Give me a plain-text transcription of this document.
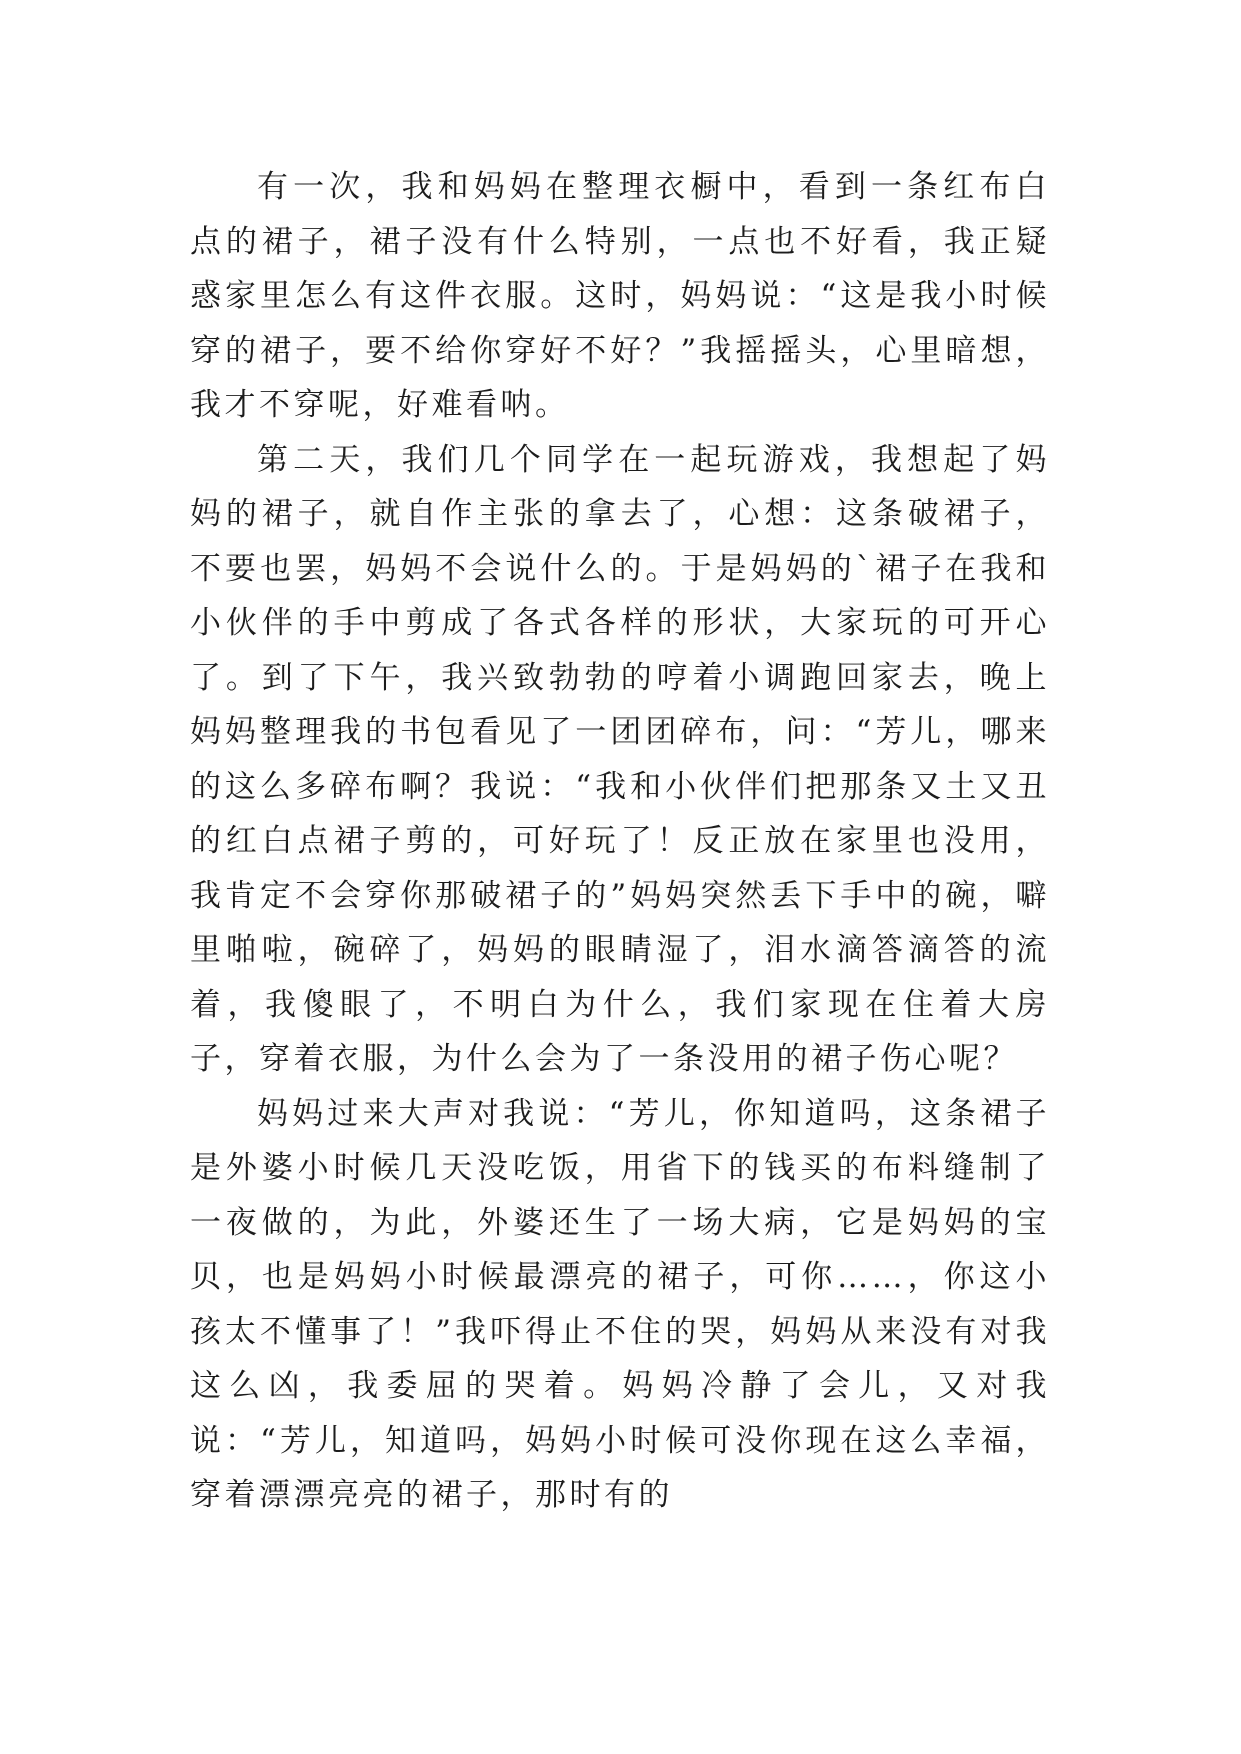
有一次，我和妈妈在整理衣橱中，看到一条红布白点的裙子，裙子没有什么特别，一点也不好看，我正疑惑家里怎么有这件衣服。这时，妈妈说：“这是我小时候穿的裙子，要不给你穿好不好？”我摇摇头，心里暗想，我才不穿呢，好难看呐。

第二天，我们几个同学在一起玩游戏，我想起了妈妈的裙子，就自作主张的拿去了，心想：这条破裙子，不要也罢，妈妈不会说什么的。于是妈妈的`裙子在我和小伙伴的手中剪成了各式各样的形状，大家玩的可开心了。到了下午，我兴致勃勃的哼着小调跑回家去，晚上妈妈整理我的书包看见了一团团碎布，问：“芳儿，哪来的这么多碎布啊？我说：“我和小伙伴们把那条又土又丑的红白点裙子剪的，可好玩了！反正放在家里也没用，我肯定不会穿你那破裙子的”妈妈突然丢下手中的碗，噼里啪啦，碗碎了，妈妈的眼睛湿了，泪水滴答滴答的流着，我傻眼了，不明白为什么，我们家现在住着大房子，穿着衣服，为什么会为了一条没用的裙子伤心呢？

妈妈过来大声对我说：“芳儿，你知道吗，这条裙子是外婆小时候几天没吃饭，用省下的钱买的布料缝制了一夜做的，为此，外婆还生了一场大病，它是妈妈的宝贝，也是妈妈小时候最漂亮的裙子，可你……，你这小孩太不懂事了！”我吓得止不住的哭，妈妈从来没有对我这么凶，我委屈的哭着。妈妈冷静了会儿，又对我说：“芳儿，知道吗，妈妈小时候可没你现在这么幸福，穿着漂漂亮亮的裙子，那时有的
